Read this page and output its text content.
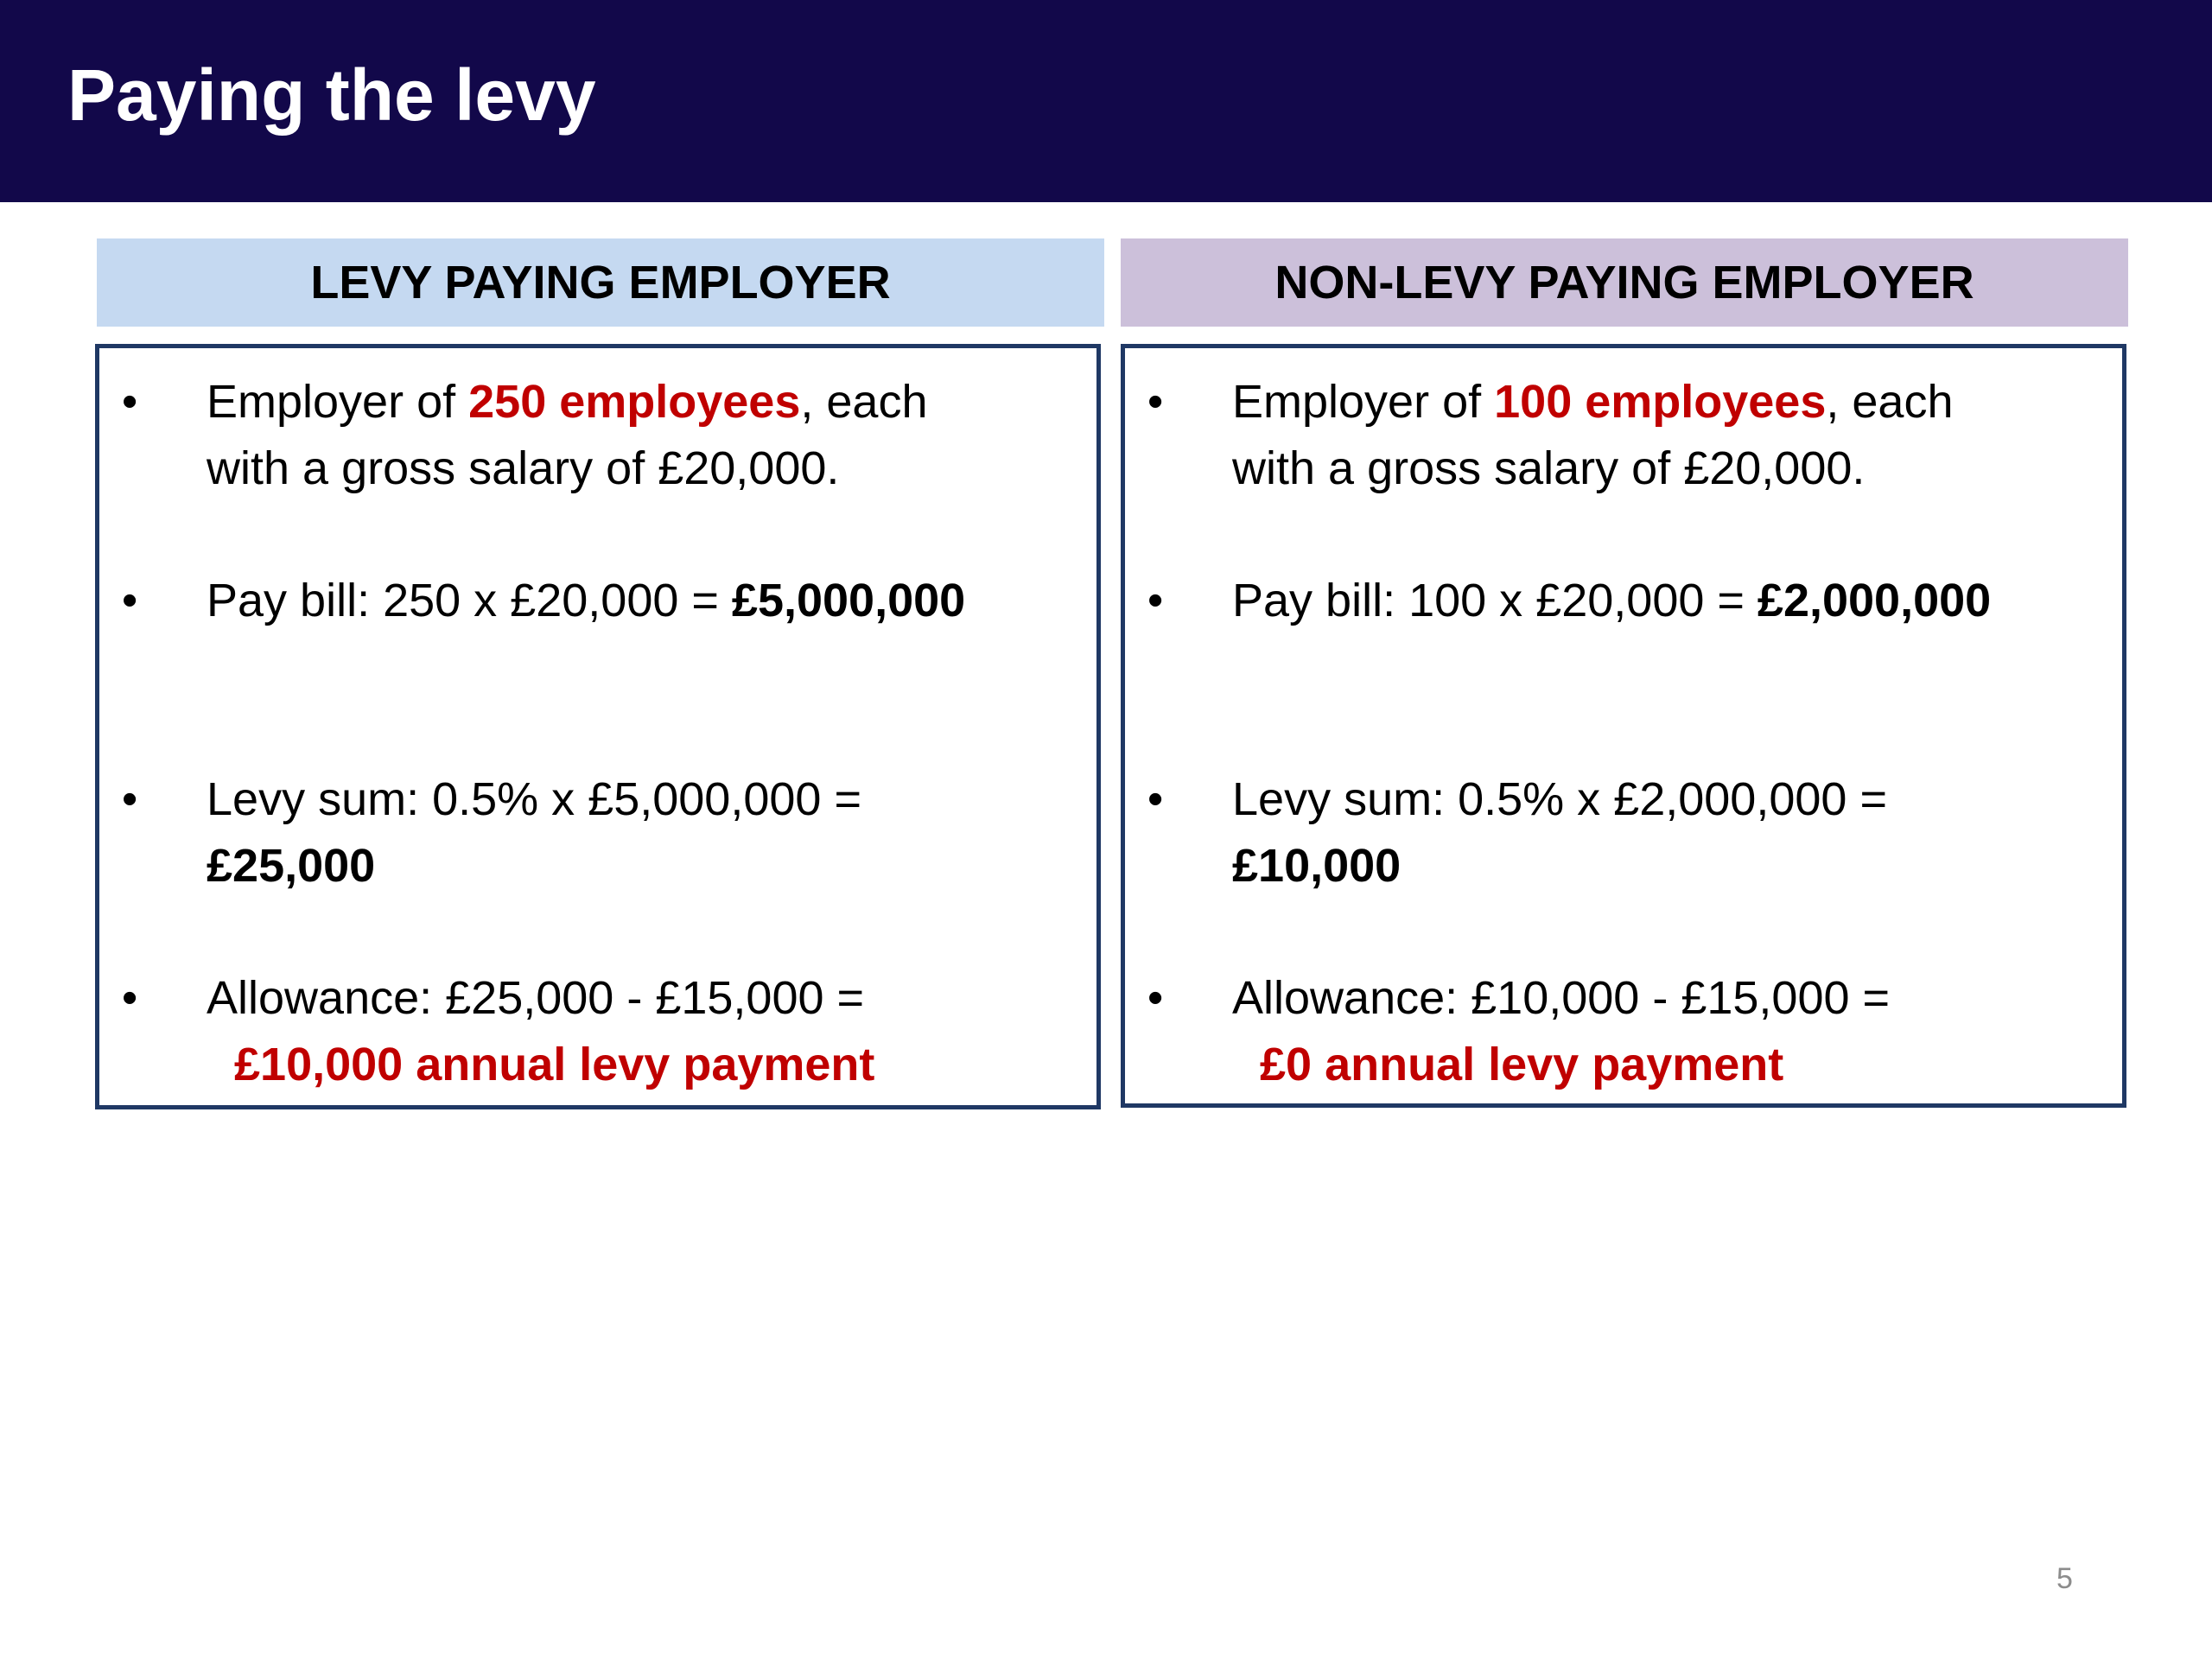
Paying the levy
LEVY PAYING EMPLOYER
• Employer of 250 employees, each
with a gross salary of £20,000.
• Pay bill: 250 x £20,000 = £5,000,000
• Levy sum: 0.5% x £5,000,000 =
£25,000
• Allowance: £25,000 - £15,000 =
£10,000 annual levy payment
NON-LEVY PAYING EMPLOYER
• Employer of 100 employees, each
with a gross salary of £20,000.
• Pay bill: 100 x £20,000 = £2,000,000
• Levy sum: 0.5% x £2,000,000 =
£10,000
• Allowance: £10,000 - £15,000 =
£0 annual levy payment
5
